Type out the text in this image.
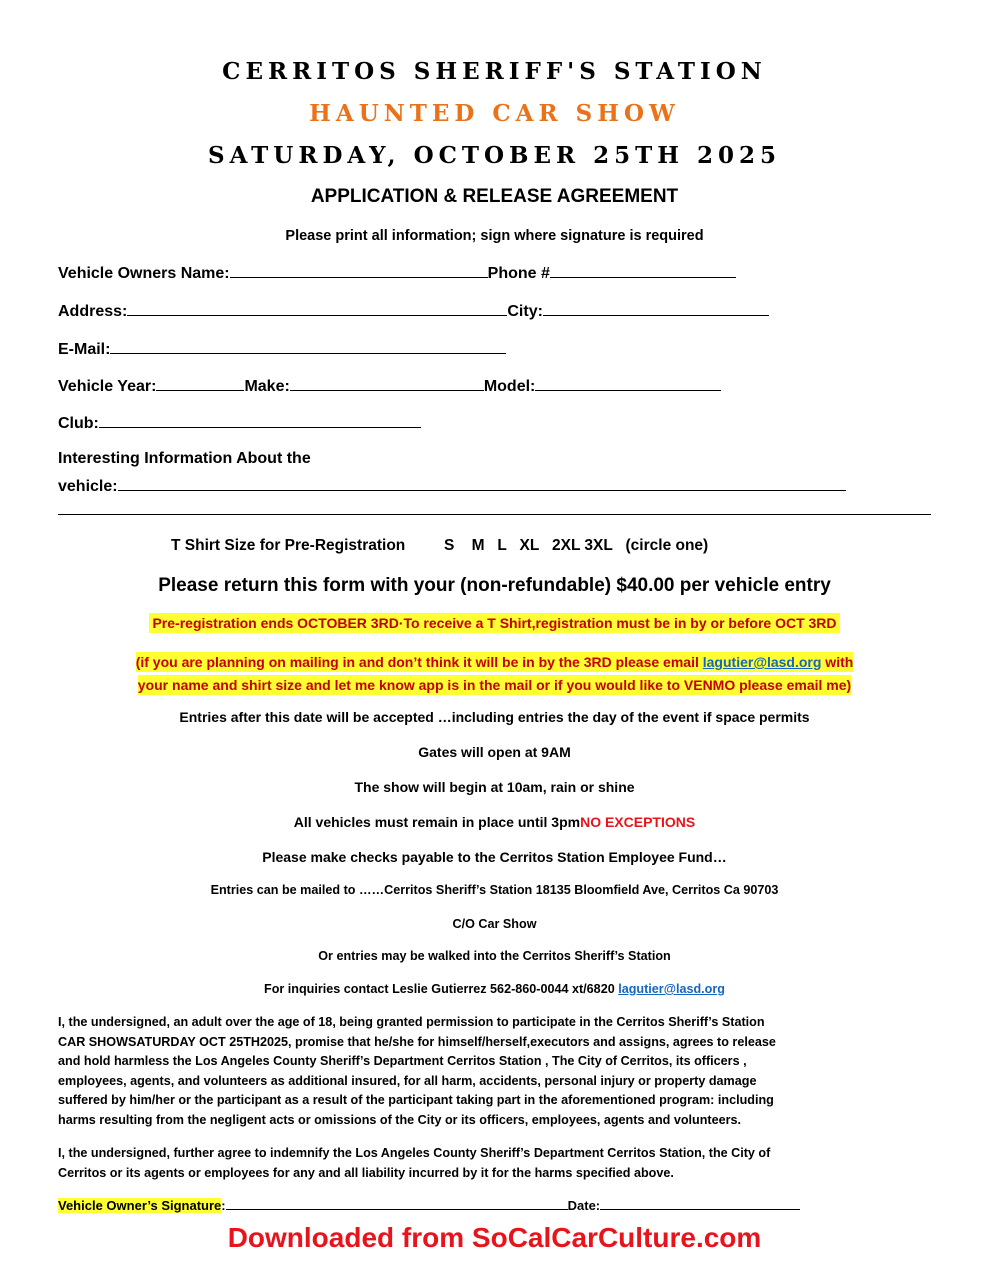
CERRITOS SHERIFF'S STATION
HAUNTED CAR SHOW
SATURDAY, OCTOBER 25TH 2025
APPLICATION & RELEASE AGREEMENT
Please print all information; sign where signature is required
Vehicle Owners Name:	Phone #
Address:	City:
E-Mail:
Vehicle Year:	Make:	Model:
Club:
Interesting Information About the
vehicle:
T Shirt Size for Pre-Registration	S    M   L   XL   2XL 3XL (circle one)
Please return this form with your (non-refundable) $40.00 per vehicle entry
Pre-registration ends OCTOBER 3RD·To receive a T Shirt,registration must be in by or before OCT 3RD
(if you are planning on mailing in and don’t think it will be in by the 3RD please email lagutier@lasd.org with
your name and shirt size and let me know app is in the mail or if you would like to VENMO please email me)
Entries after this date will be accepted …including entries the day of the event if space permits
Gates will open at 9AM
The show will begin at 10am, rain or shine
All vehicles must remain in place until 3pmNO EXCEPTIONS
Please make checks payable to the Cerritos Station Employee Fund…
Entries can be mailed to ……Cerritos Sheriff’s Station 18135 Bloomfield Ave, Cerritos Ca 90703
C/O Car Show
Or entries may be walked into the Cerritos Sheriff’s Station
For inquiries contact Leslie Gutierrez 562-860-0044 xt/6820 lagutier@lasd.org
I, the undersigned, an adult over the age of 18, being granted permission to participate in the Cerritos Sheriff’s Station
CAR SHOWSATURDAY OCT 25TH2025, promise that he/she for himself/herself,executors and assigns, agrees to release
and hold harmless the Los Angeles County Sheriff’s Department Cerritos Station , The City of Cerritos, its officers ,
employees, agents, and volunteers as additional insured, for all harm, accidents, personal injury or property damage
suffered by him/her or the participant as a result of the participant taking part in the aforementioned program: including
harms resulting from the negligent acts or omissions of the City or its officers, employees, agents and volunteers.
I, the undersigned, further agree to indemnify the Los Angeles County Sheriff’s Department Cerritos Station, the City of
Cerritos or its agents or employees for any and all liability incurred by it for the harms specified above.
Vehicle Owner’s Signature:	Date:
Downloaded from SoCalCarCulture.com
